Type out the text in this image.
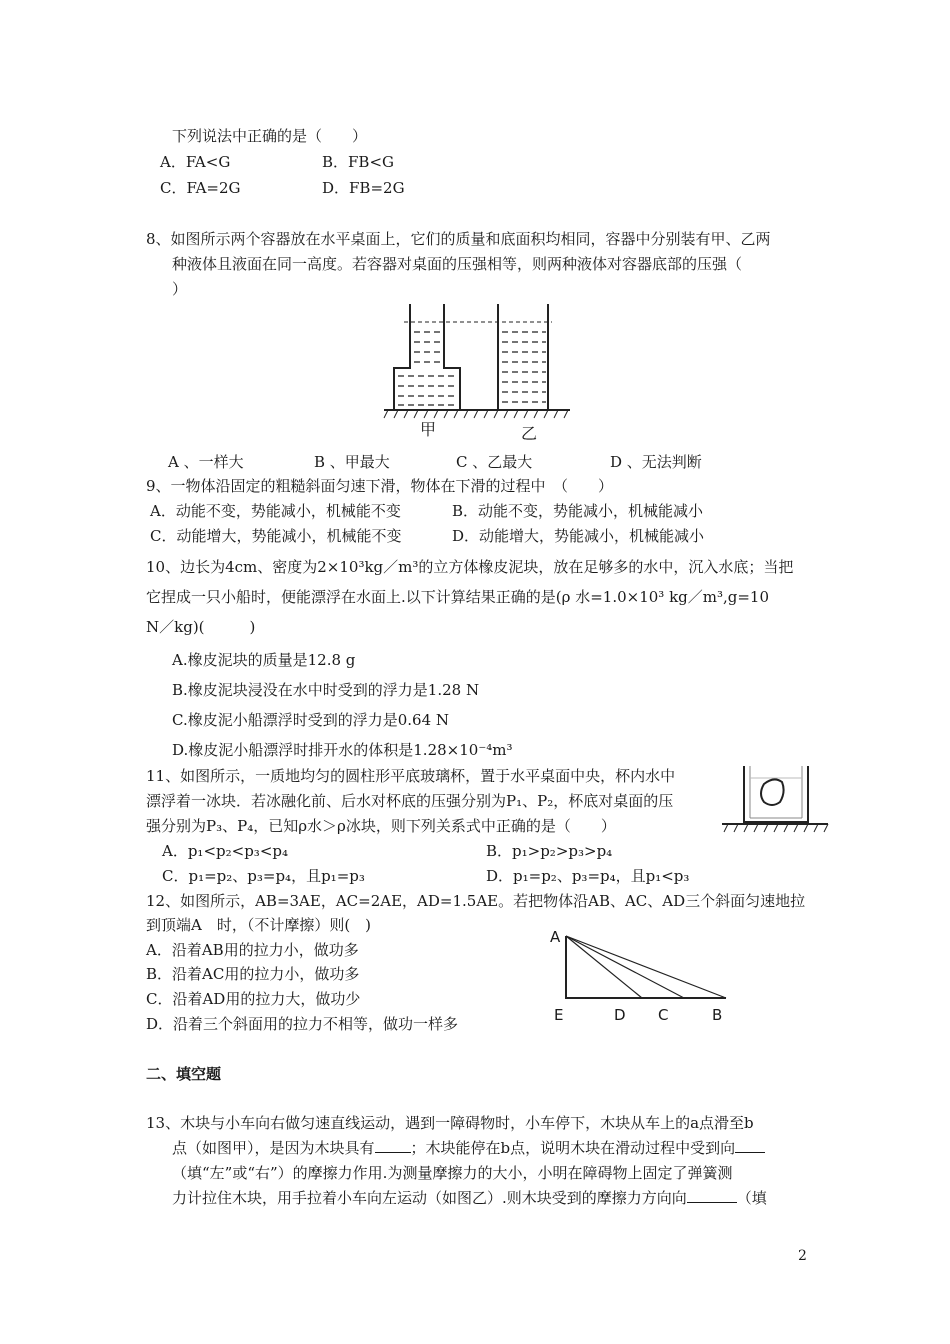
下列说法中正确的是（　　）
A．FA<G	B．FB<G
C．FA=2G	D．FB=2G
8、如图所示两个容器放在水平桌面上，它们的质量和底面积均相同，容器中分别装有甲、乙两
种液体且液面在同一高度。若容器对桌面的压强相等，则两种液体对容器底部的压强（
）
甲	乙
A 、一样大	B 、甲最大	C 、乙最大	D 、无法判断
9、一物体沿固定的粗糙斜面匀速下滑，物体在下滑的过程中　（　　）
A．动能不变，势能减小，机械能不变	B．动能不变，势能减小，机械能减小
C．动能增大，势能减小，机械能不变	D．动能增大，势能减小，机械能减小
10、边长为4cm、密度为2×10³kg／m³的立方体橡皮泥块，放在足够多的水中，沉入水底；当把
它捏成一只小船时，便能漂浮在水面上.以下计算结果正确的是(ρ 水=1.0×10³ kg／m³,g=10
N／kg)(　　　)
A.橡皮泥块的质量是12.8 g
B.橡皮泥块浸没在水中时受到的浮力是1.28 N
C.橡皮泥小船漂浮时受到的浮力是0.64 N
D.橡皮泥小船漂浮时排开水的体积是1.28×10⁻⁴m³
11、如图所示，一质地均匀的圆柱形平底玻璃杯，置于水平桌面中央，杯内水中
漂浮着一冰块．若冰融化前、后水对杯底的压强分别为P₁、P₂，杯底对桌面的压
强分别为P₃、P₄，已知ρ水＞ρ冰块，则下列关系式中正确的是（　　）
A．p₁<p₂<p₃<p₄	B．p₁>p₂>p₃>p₄
C．p₁=p₂、p₃=p₄，且p₁=p₃	D．p₁=p₂、p₃=p₄，且p₁<p₃
12、如图所示，AB=3AE，AC=2AE，AD=1.5AE。若把物体沿AB、AC、AD三个斜面匀速地拉
到顶端A　时，（不计摩擦）则(　)
A．沿着AB用的拉力小，做功多
B．沿着AC用的拉力小，做功多
C．沿着AD用的拉力大，做功少
D．沿着三个斜面用的拉力不相等，做功一样多
A
E	D C	B
二、填空题
13、木块与小车向右做匀速直线运动，遇到一障碍物时，小车停下，木块从车上的a点滑至b
点（如图甲），是因为木块具有 ；木块能停在b点，说明木块在滑动过程中受到向
（填“左”或“右”）的摩擦力作用.为测量摩擦力的大小，小明在障碍物上固定了弹簧测
力计拉住木块，用手拉着小车向左运动（如图乙）.则木块受到的摩擦力方向向	（填
2
